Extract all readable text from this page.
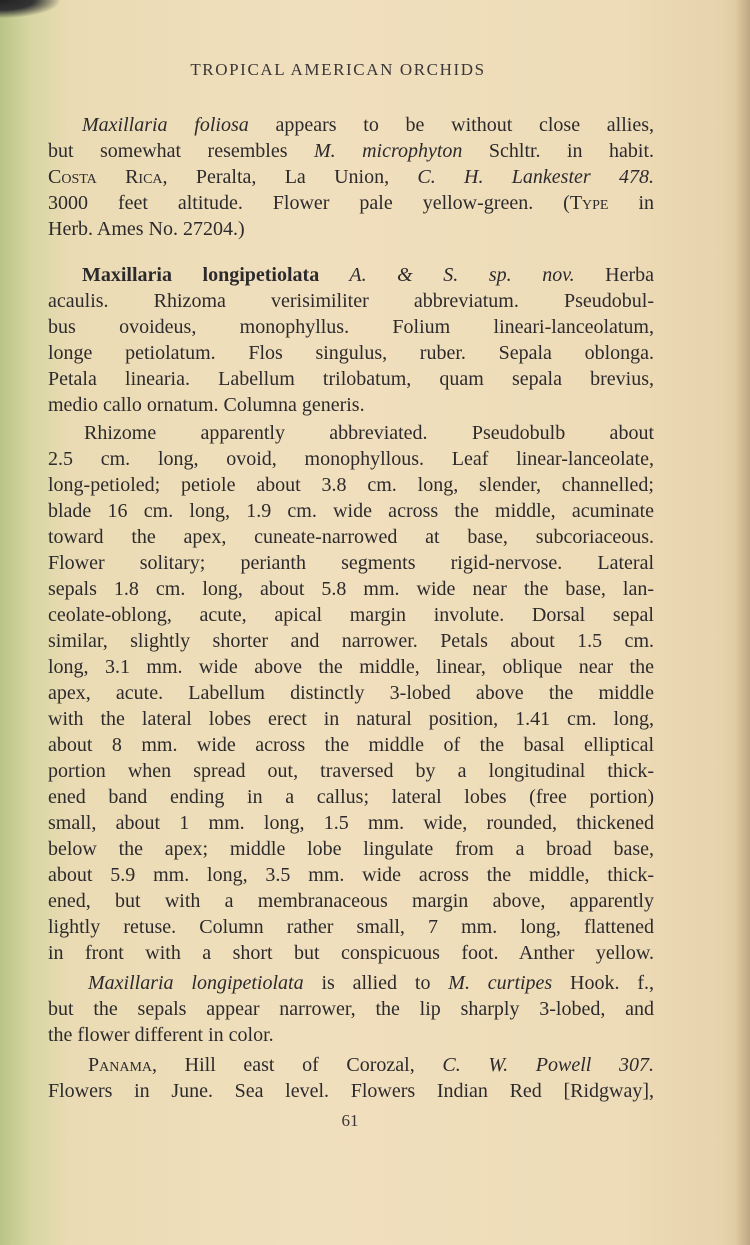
TROPICAL AMERICAN ORCHIDS
Maxillaria foliosa appears to be without close allies,
but somewhat resembles M. microphyton Schltr. in habit.
Costa Rica, Peralta, La Union, C. H. Lankester 478.
3000 feet altitude. Flower pale yellow-green. (Type in
Herb. Ames No. 27204.)
Maxillaria longipetiolata A. & S. sp. nov. Herba
acaulis. Rhizoma verisimiliter abbreviatum. Pseudobul-
bus ovoideus, monophyllus. Folium lineari-lanceolatum,
longe petiolatum. Flos singulus, ruber. Sepala oblonga.
Petala linearia. Labellum trilobatum, quam sepala brevius,
medio callo ornatum. Columna generis.
Rhizome apparently abbreviated. Pseudobulb about
2.5 cm. long, ovoid, monophyllous. Leaf linear-lanceolate,
long-petioled; petiole about 3.8 cm. long, slender, channelled;
blade 16 cm. long, 1.9 cm. wide across the middle, acuminate
toward the apex, cuneate-narrowed at base, subcoriaceous.
Flower solitary; perianth segments rigid-nervose. Lateral
sepals 1.8 cm. long, about 5.8 mm. wide near the base, lan-
ceolate-oblong, acute, apical margin involute. Dorsal sepal
similar, slightly shorter and narrower. Petals about 1.5 cm.
long, 3.1 mm. wide above the middle, linear, oblique near the
apex, acute. Labellum distinctly 3-lobed above the middle
with the lateral lobes erect in natural position, 1.41 cm. long,
about 8 mm. wide across the middle of the basal elliptical
portion when spread out, traversed by a longitudinal thick-
ened band ending in a callus; lateral lobes (free portion)
small, about 1 mm. long, 1.5 mm. wide, rounded, thickened
below the apex; middle lobe lingulate from a broad base,
about 5.9 mm. long, 3.5 mm. wide across the middle, thick-
ened, but with a membranaceous margin above, apparently
lightly retuse. Column rather small, 7 mm. long, flattened
in front with a short but conspicuous foot. Anther yellow.
Maxillaria longipetiolata is allied to M. curtipes Hook. f.,
but the sepals appear narrower, the lip sharply 3-lobed, and
the flower different in color.
Panama, Hill east of Corozal, C. W. Powell 307.
Flowers in June. Sea level. Flowers Indian Red [Ridgway],
61
